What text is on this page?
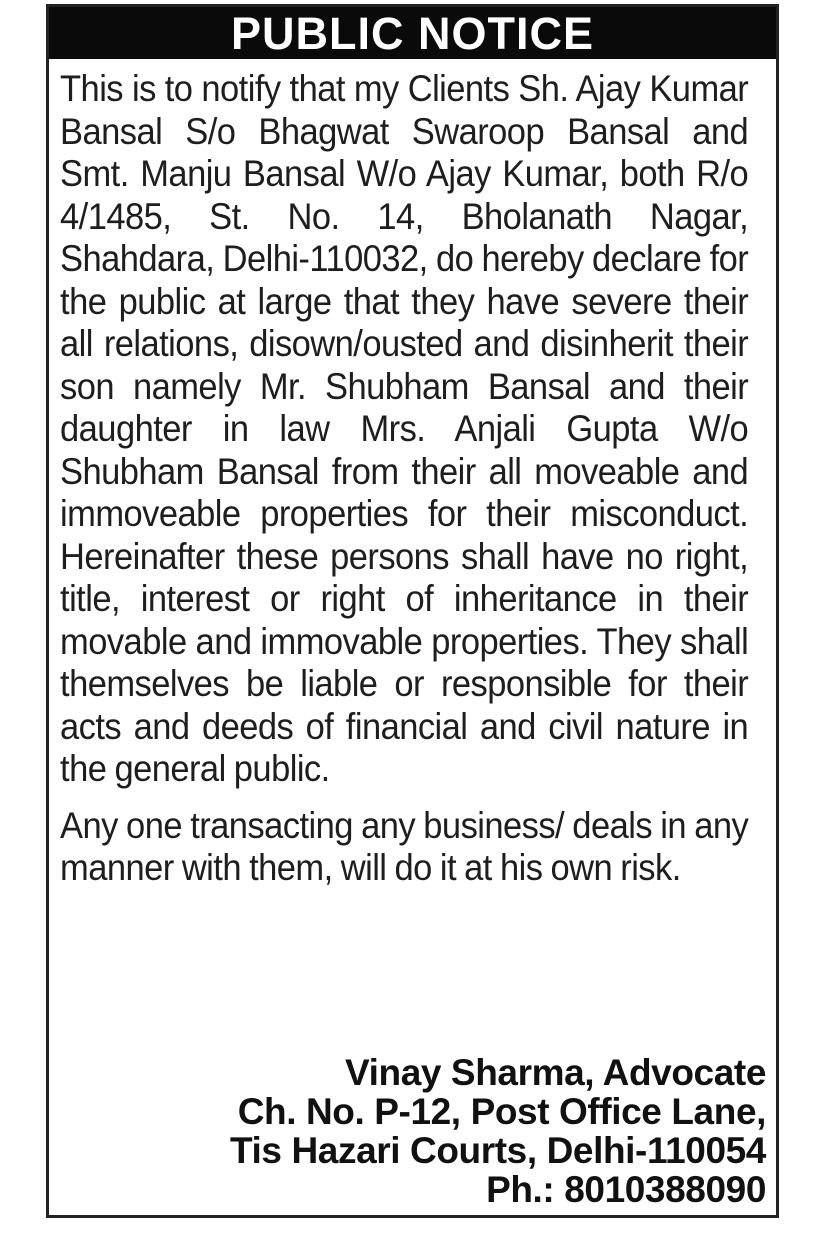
PUBLIC NOTICE

This is to notify that my Clients Sh. Ajay Kumar Bansal S/o Bhagwat Swaroop Bansal and Smt. Manju Bansal W/o Ajay Kumar, both R/o 4/1485, St. No. 14, Bholanath Nagar, Shahdara, Delhi-110032, do hereby declare for the public at large that they have severe their all relations, disown/ousted and disinherit their son namely Mr. Shubham Bansal and their daughter in law Mrs. Anjali Gupta W/o Shubham Bansal from their all moveable and immoveable properties for their misconduct. Hereinafter these persons shall have no right, title, interest or right of inheritance in their movable and immovable properties. They shall themselves be liable or responsible for their acts and deeds of financial and civil nature in the general public.

Any one transacting any business/ deals in any manner with them, will do it at his own risk.

Vinay Sharma, Advocate
Ch. No. P-12, Post Office Lane,
Tis Hazari Courts, Delhi-110054
Ph.: 8010388090
